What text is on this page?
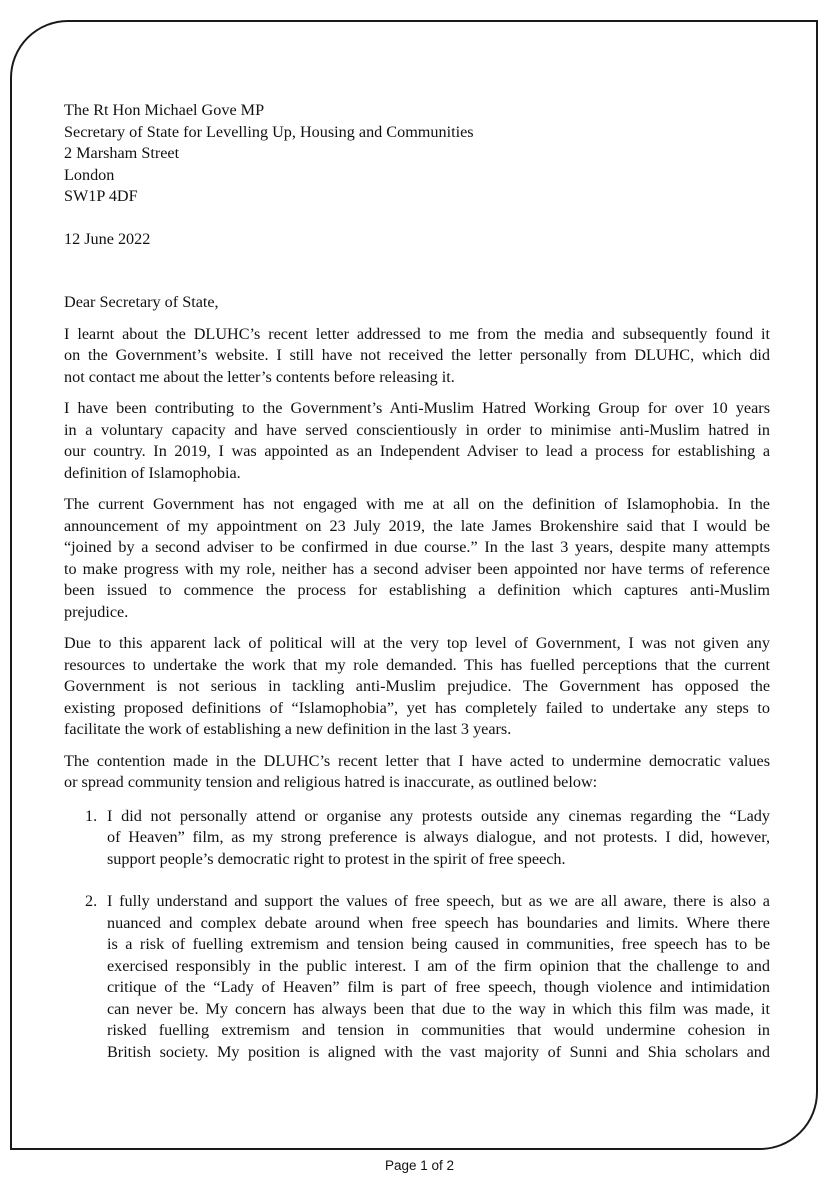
The Rt Hon Michael Gove MP
Secretary of State for Levelling Up, Housing and Communities
2 Marsham Street
London
SW1P 4DF
12 June 2022
Dear Secretary of State,
I learnt about the DLUHC’s recent letter addressed to me from the media and subsequently found it
on the Government’s website. I still have not received the letter personally from DLUHC, which did
not contact me about the letter’s contents before releasing it.
I have been contributing to the Government’s Anti-Muslim Hatred Working Group for over 10 years
in a voluntary capacity and have served conscientiously in order to minimise anti-Muslim hatred in
our country. In 2019, I was appointed as an Independent Adviser to lead a process for establishing a
definition of Islamophobia.
The current Government has not engaged with me at all on the definition of Islamophobia. In the
announcement of my appointment on 23 July 2019, the late James Brokenshire said that I would be
“joined by a second adviser to be confirmed in due course.” In the last 3 years, despite many attempts
to make progress with my role, neither has a second adviser been appointed nor have terms of reference
been issued to commence the process for establishing a definition which captures anti-Muslim
prejudice.
Due to this apparent lack of political will at the very top level of Government, I was not given any
resources to undertake the work that my role demanded. This has fuelled perceptions that the current
Government is not serious in tackling anti-Muslim prejudice. The Government has opposed the
existing proposed definitions of “Islamophobia”, yet has completely failed to undertake any steps to
facilitate the work of establishing a new definition in the last 3 years.
The contention made in the DLUHC’s recent letter that I have acted to undermine democratic values
or spread community tension and religious hatred is inaccurate, as outlined below:
1. I did not personally attend or organise any protests outside any cinemas regarding the “Lady
of Heaven” film, as my strong preference is always dialogue, and not protests. I did, however,
support people’s democratic right to protest in the spirit of free speech.
2. I fully understand and support the values of free speech, but as we are all aware, there is also a
nuanced and complex debate around when free speech has boundaries and limits. Where there
is a risk of fuelling extremism and tension being caused in communities, free speech has to be
exercised responsibly in the public interest. I am of the firm opinion that the challenge to and
critique of the “Lady of Heaven” film is part of free speech, though violence and intimidation
can never be. My concern has always been that due to the way in which this film was made, it
risked fuelling extremism and tension in communities that would undermine cohesion in
British society. My position is aligned with the vast majority of Sunni and Shia scholars and
Page 1 of 2
